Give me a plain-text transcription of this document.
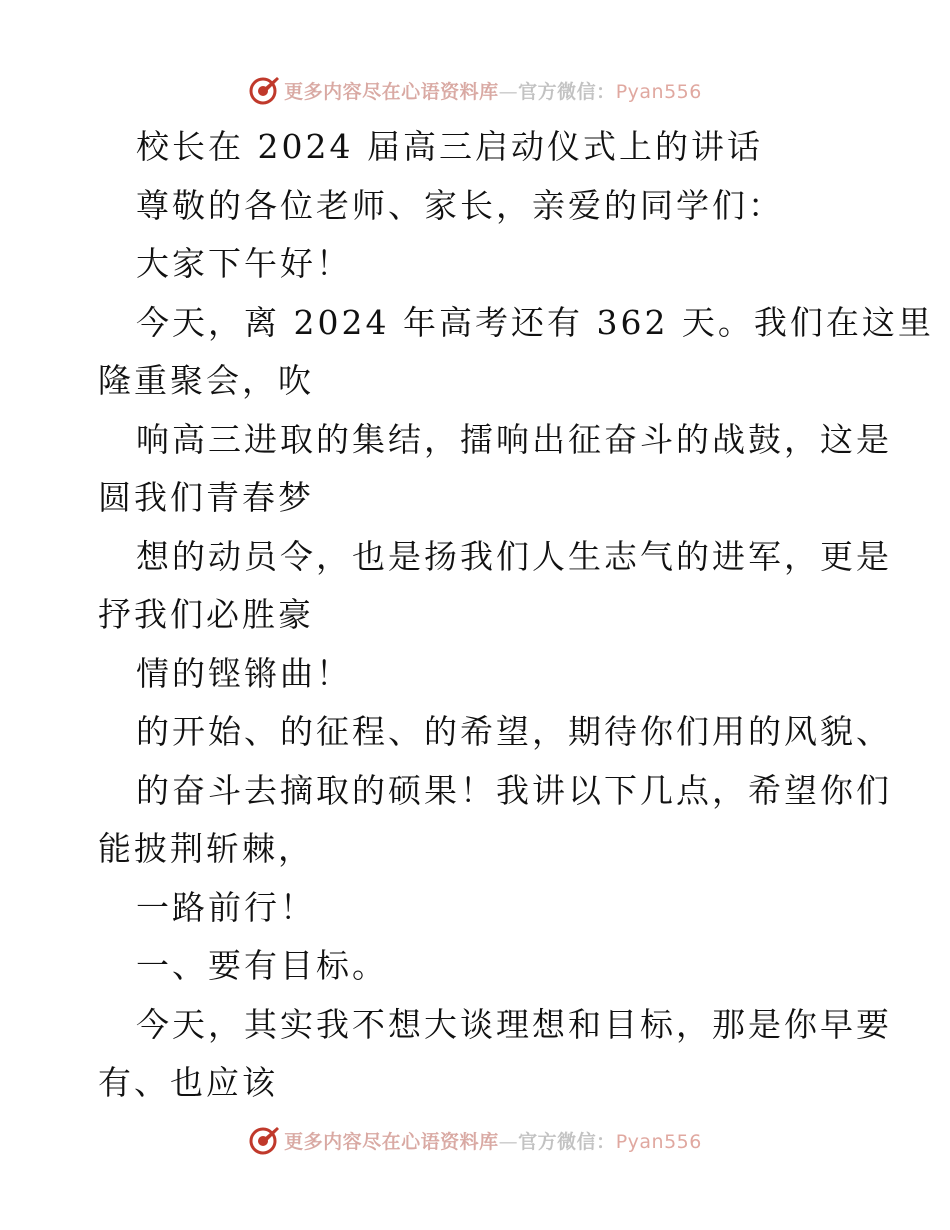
更多内容尽在心语资料库—官方微信：Pyan556

校长在 2024 届高三启动仪式上的讲话

尊敬的各位老师、家长，亲爱的同学们：

大家下午好！

今天，离 2024 年高考还有 362 天。我们在这里

隆重聚会，吹

响高三进取的集结，擂响出征奋斗的战鼓，这是

圆我们青春梦

想的动员令，也是扬我们人生志气的进军，更是

抒我们必胜豪

情的铿锵曲！

的开始、的征程、的希望，期待你们用的风貌、

的奋斗去摘取的硕果！我讲以下几点，希望你们

能披荆斩棘，

一路前行！

一、要有目标。

今天，其实我不想大谈理想和目标，那是你早要

有、也应该

更多内容尽在心语资料库—官方微信：Pyan556
